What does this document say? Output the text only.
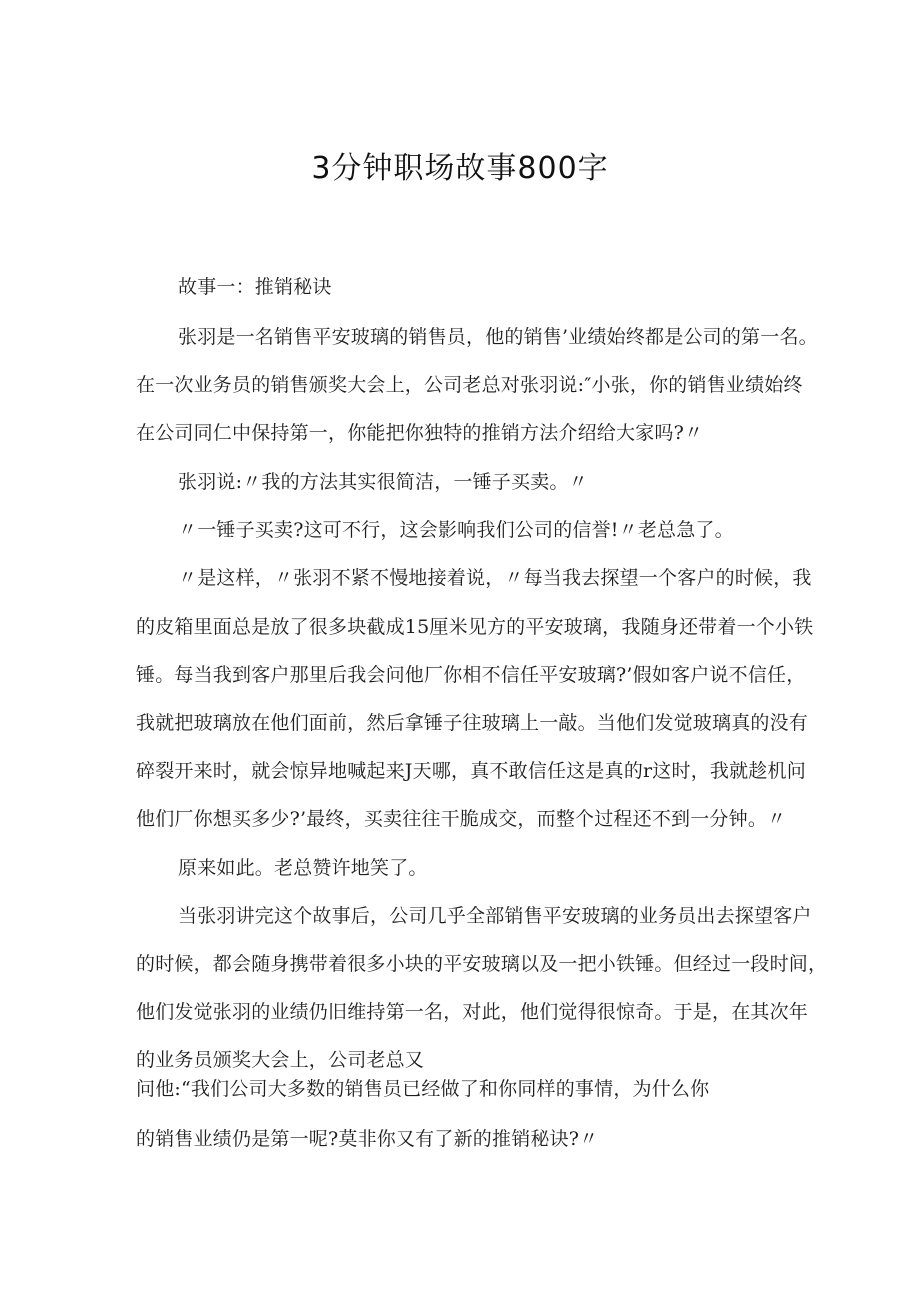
3分钟职场故事800字
故事一：推销秘诀
张羽是一名销售平安玻璃的销售员，他的销售’业绩始终都是公司的第一名。
在一次业务员的销售颁奖大会上，公司老总对张羽说:″小张，你的销售业绩始终
在公司同仁中保持第一，你能把你独特的推销方法介绍给大家吗?〃
张羽说:〃我的方法其实很简洁，一锤子买卖。〃
〃一锤子买卖?这可不行，这会影响我们公司的信誉!〃老总急了。
〃是这样，〃张羽不紧不慢地接着说，〃每当我去探望一个客户的时候，我
的皮箱里面总是放了很多块截成15厘米见方的平安玻璃，我随身还带着一个小铁
锤。每当我到客户那里后我会问他厂你相不信任平安玻璃?’假如客户说不信任，
我就把玻璃放在他们面前，然后拿锤子往玻璃上一敲。当他们发觉玻璃真的没有
碎裂开来时，就会惊异地喊起来J天哪，真不敢信任这是真的r这时，我就趁机问
他们厂你想买多少?’最终，买卖往往干脆成交，而整个过程还不到一分钟。〃
原来如此。老总赞许地笑了。
当张羽讲完这个故事后，公司几乎全部销售平安玻璃的业务员出去探望客户
的时候，都会随身携带着很多小块的平安玻璃以及一把小铁锤。但经过一段时间，
他们发觉张羽的业绩仍旧维持第一名，对此，他们觉得很惊奇。于是，在其次年
的业务员颁奖大会上，公司老总又
问他:“我们公司大多数的销售员已经做了和你同样的事情，为什么你
的销售业绩仍是第一呢?莫非你又有了新的推销秘诀?〃
